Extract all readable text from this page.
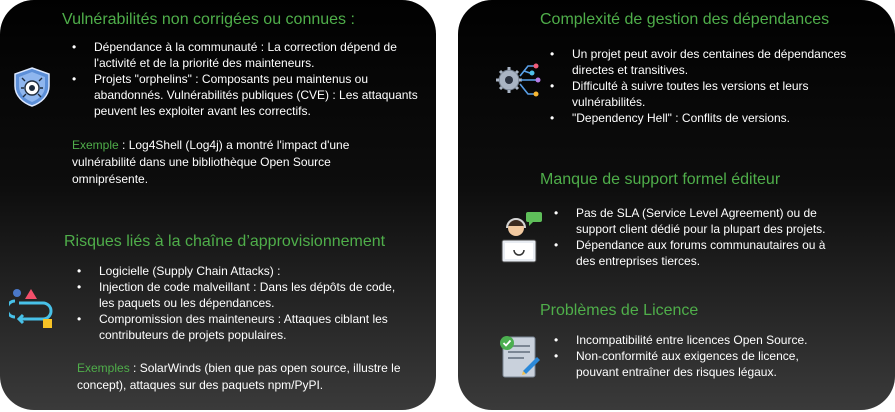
Vulnérabilités non corrigées ou connues :
• Dépendance à la communauté : La correction dépend de l'activité et de la priorité des mainteneurs.
• Projets "orphelins" : Composants peu maintenus ou abandonnés. Vulnérabilités publiques (CVE) : Les attaquants peuvent les exploiter avant les correctifs.
Exemple : Log4Shell (Log4j) a montré l'impact d'une vulnérabilité dans une bibliothèque Open Source omniprésente.
Risques liés à la chaîne d’approvisionnement
• Logicielle (Supply Chain Attacks) :
• Injection de code malveillant : Dans les dépôts de code, les paquets ou les dépendances.
• Compromission des mainteneurs : Attaques ciblant les contributeurs de projets populaires.
Exemples : SolarWinds (bien que pas open source, illustre le concept), attaques sur des paquets npm/PyPI.
Complexité de gestion des dépendances
• Un projet peut avoir des centaines de dépendances directes et transitives.
• Difficulté à suivre toutes les versions et leurs vulnérabilités.
• "Dependency Hell" : Conflits de versions.
Manque de support formel éditeur
• Pas de SLA (Service Level Agreement) ou de support client dédié pour la plupart des projets.
• Dépendance aux forums communautaires ou à des entreprises tierces.
Problèmes de Licence
• Incompatibilité entre licences Open Source.
• Non-conformité aux exigences de licence, pouvant entraîner des risques légaux.
